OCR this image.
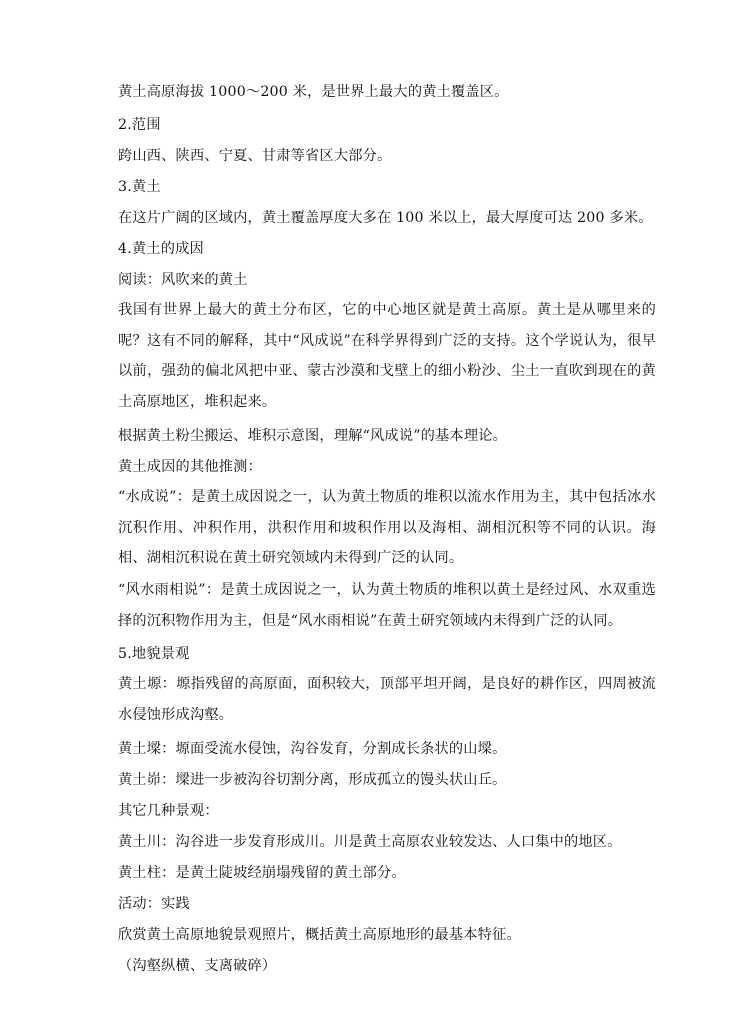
黄土高原海拔 1000～200 米，是世界上最大的黄土覆盖区。
2.范围
跨山西、陕西、宁夏、甘肃等省区大部分。
3.黄土
在这片广阔的区域内，黄土覆盖厚度大多在 100 米以上，最大厚度可达 200 多米。
4.黄土的成因
阅读：风吹来的黄土
我国有世界上最大的黄土分布区，它的中心地区就是黄土高原。黄土是从哪里来的呢？这有不同的解释，其中“风成说”在科学界得到广泛的支持。这个学说认为，很早以前，强劲的偏北风把中亚、蒙古沙漠和戈壁上的细小粉沙、尘土一直吹到现在的黄土高原地区，堆积起来。
根据黄土粉尘搬运、堆积示意图，理解“风成说”的基本理论。
黄土成因的其他推测：
“水成说”：是黄土成因说之一，认为黄土物质的堆积以流水作用为主，其中包括冰水沉积作用、冲积作用，洪积作用和坡积作用以及海相、湖相沉积等不同的认识。海相、湖相沉积说在黄土研究领域内未得到广泛的认同。
“风水雨相说”：是黄土成因说之一，认为黄土物质的堆积以黄土是经过风、水双重选择的沉积物作用为主，但是“风水雨相说”在黄土研究领域内未得到广泛的认同。
5.地貌景观
黄土塬：塬指残留的高原面，面积较大，顶部平坦开阔，是良好的耕作区，四周被流水侵蚀形成沟壑。
黄土墚：塬面受流水侵蚀，沟谷发育，分割成长条状的山墚。
黄土峁：墚进一步被沟谷切割分离，形成孤立的馒头状山丘。
其它几种景观：
黄土川：沟谷进一步发育形成川。川是黄土高原农业较发达、人口集中的地区。
黄土柱：是黄土陡坡经崩塌残留的黄土部分。
活动：实践
欣赏黄土高原地貌景观照片，概括黄土高原地形的最基本特征。
（沟壑纵横、支离破碎）
